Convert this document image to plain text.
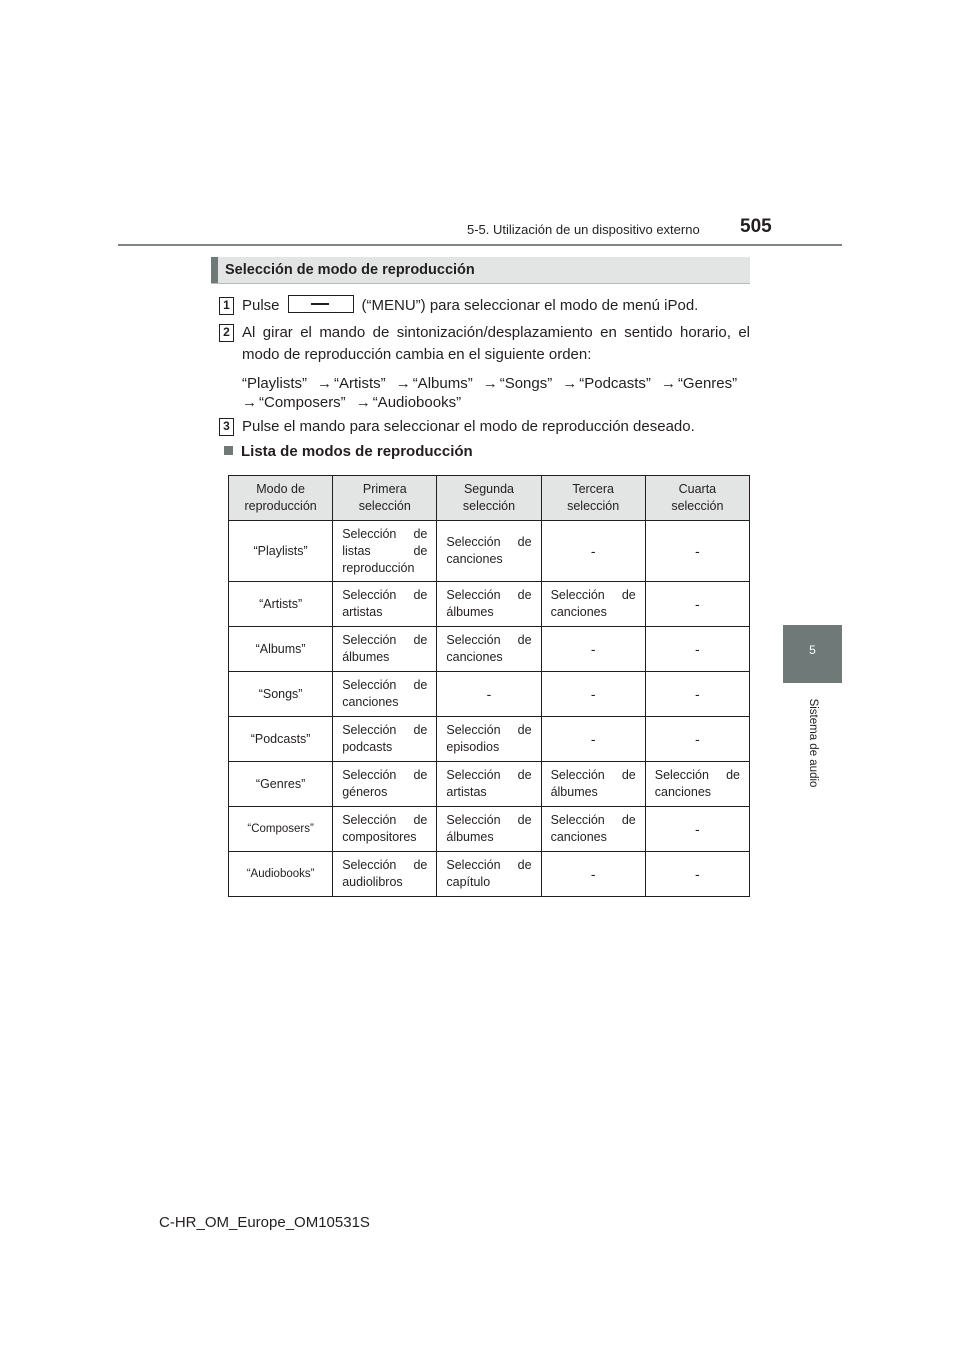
5-5. Utilización de un dispositivo externo 505
5
Sistema de audio
Selección de modo de reproducción
1 Pulse	(“MENU”) para seleccionar el modo de menú iPod.
2 Al girar el mando de sintonización/desplazamiento en sentido horario, el
modo de reproducción cambia en el siguiente orden:
“Playlists” → “Artists” → “Albums” → “Songs” → “Podcasts” → “Genres”
→ “Composers” → “Audiobooks”
3 Pulse el mando para seleccionar el modo de reproducción deseado.
Lista de modos de reproducción
Modo de reproducción	Primera selección	Segunda selección	Tercera selección	Cuarta selección
“Playlists”	Selección de listas de reproducción	Selección de canciones	-	-
“Artists”	Selección de artistas	Selección de álbumes	Selección de canciones	-
“Albums”	Selección de álbumes	Selección de canciones	-	-
“Songs”	Selección de canciones	-	-	-
“Podcasts”	Selección de podcasts	Selección de episodios	-	-
“Genres”	Selección de géneros	Selección de artistas	Selección de álbumes	Selección de canciones
“Composers”	Selección de compositores	Selección de álbumes	Selección de canciones	-
“Audiobooks”	Selección de audiolibros	Selección de capítulo	-	-
C-HR_OM_Europe_OM10531S
